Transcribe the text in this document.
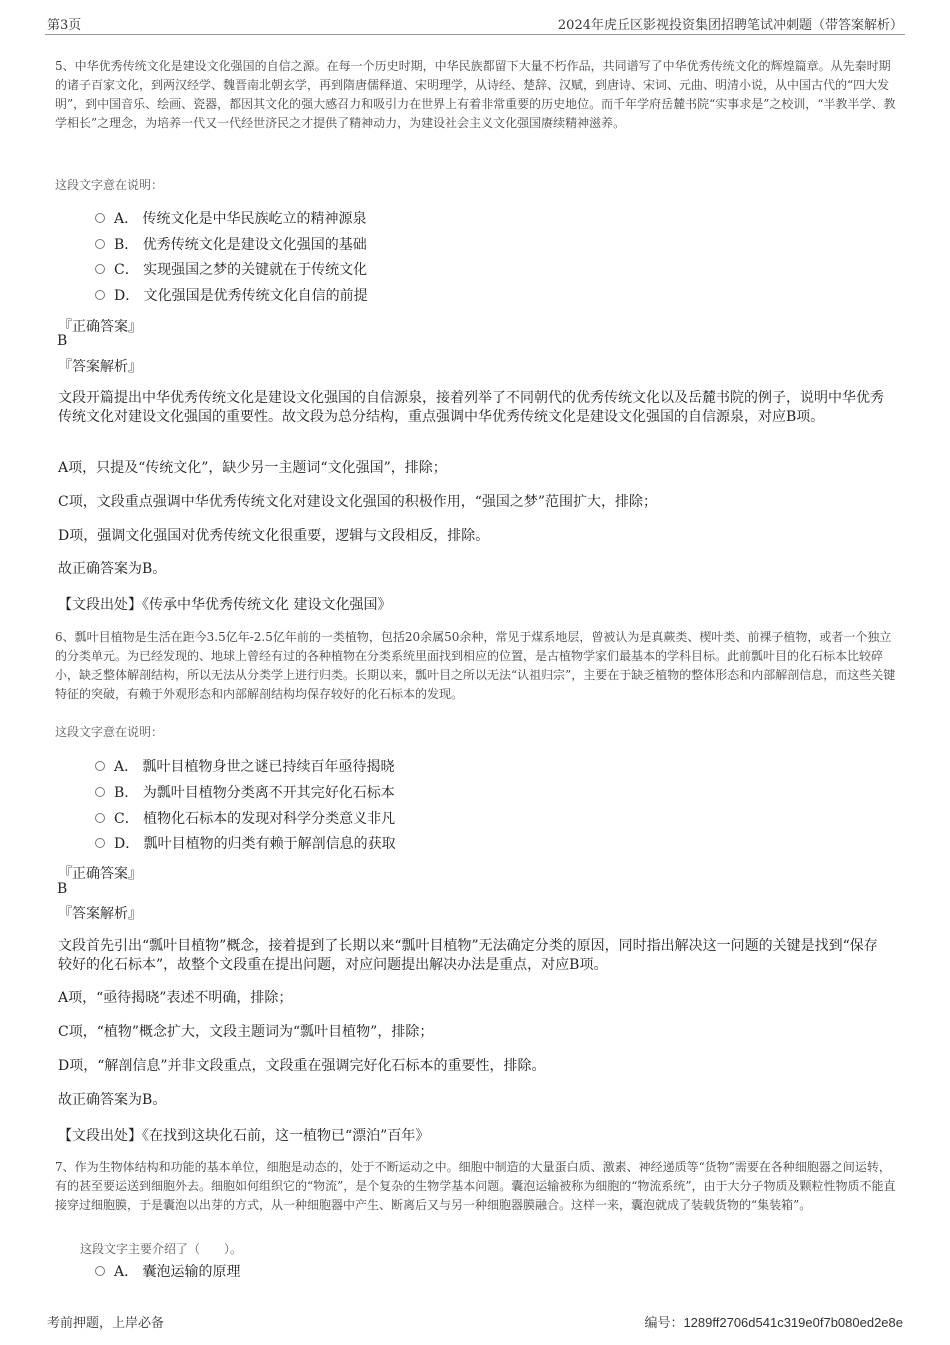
第3页	2024年虎丘区影视投资集团招聘笔试冲刺题（带答案解析）

5、中华优秀传统文化是建设文化强国的自信之源。在每一个历史时期，中华民族都留下大量不朽作品，共同谱写了中华优秀传统文化的辉煌篇章。从先秦时期的诸子百家文化，到两汉经学、魏晋南北朝玄学，再到隋唐儒释道、宋明理学，从诗经、楚辞、汉赋，到唐诗、宋词、元曲、明清小说，从中国古代的“四大发明”，到中国音乐、绘画、瓷器，都因其文化的强大感召力和吸引力在世界上有着非常重要的历史地位。而千年学府岳麓书院“实事求是”之校训，“半教半学、教学相长”之理念，为培养一代又一代经世济民之才提供了精神动力，为建设社会主义文化强国赓续精神滋养。

这段文字意在说明：

A． 传统文化是中华民族屹立的精神源泉
B． 优秀传统文化是建设文化强国的基础
C． 实现强国之梦的关键就在于传统文化
D． 文化强国是优秀传统文化自信的前提
『正确答案』
B
『答案解析』

文段开篇提出中华优秀传统文化是建设文化强国的自信源泉，接着列举了不同朝代的优秀传统文化以及岳麓书院的例子，说明中华优秀传统文化对建设文化强国的重要性。故文段为总分结构，重点强调中华优秀传统文化是建设文化强国的自信源泉，对应B项。

A项，只提及“传统文化”，缺少另一主题词“文化强国”，排除；

C项，文段重点强调中华优秀传统文化对建设文化强国的积极作用，“强国之梦”范围扩大，排除；

D项，强调文化强国对优秀传统文化很重要，逻辑与文段相反，排除。

故正确答案为B。

【文段出处】《传承中华优秀传统文化 建设文化强国》

6、瓢叶目植物是生活在距今3.5亿年-2.5亿年前的一类植物，包括20余属50余种，常见于煤系地层，曾被认为是真蕨类、楔叶类、前裸子植物，或者一个独立的分类单元。为已经发现的、地球上曾经有过的各种植物在分类系统里面找到相应的位置，是古植物学家们最基本的学科目标。此前瓢叶目的化石标本比较碎小，缺乏整体解剖结构，所以无法从分类学上进行归类。长期以来，瓢叶目之所以无法“认祖归宗”，主要在于缺乏植物的整体形态和内部解剖信息，而这些关键特征的突破，有赖于外观形态和内部解剖结构均保存较好的化石标本的发现。

这段文字意在说明：

A． 瓢叶目植物身世之谜已持续百年亟待揭晓
B． 为瓢叶目植物分类离不开其完好化石标本
C． 植物化石标本的发现对科学分类意义非凡
D． 瓢叶目植物的归类有赖于解剖信息的获取
『正确答案』
B
『答案解析』

文段首先引出“瓢叶目植物”概念，接着提到了长期以来“瓢叶目植物”无法确定分类的原因，同时指出解决这一问题的关键是找到“保存较好的化石标本”，故整个文段重在提出问题，对应问题提出解决办法是重点，对应B项。

A项，“亟待揭晓”表述不明确，排除；

C项，“植物”概念扩大，文段主题词为“瓢叶目植物”，排除；

D项，“解剖信息”并非文段重点，文段重在强调完好化石标本的重要性，排除。

故正确答案为B。

【文段出处】《在找到这块化石前，这一植物已“漂泊”百年》

7、作为生物体结构和功能的基本单位，细胞是动态的，处于不断运动之中。细胞中制造的大量蛋白质、激素、神经递质等“货物”需要在各种细胞器之间运转，有的甚至要运送到细胞外去。细胞如何组织它的“物流”，是个复杂的生物学基本问题。囊泡运输被称为细胞的“物流系统”，由于大分子物质及颗粒性物质不能直接穿过细胞膜，于是囊泡以出芽的方式，从一种细胞器中产生、断离后又与另一种细胞器膜融合。这样一来，囊泡就成了装载货物的“集装箱”。

这段文字主要介绍了（　　）。

A． 囊泡运输的原理
考前押题，上岸必备	编号：1289ff2706d541c319e0f7b080ed2e8e
